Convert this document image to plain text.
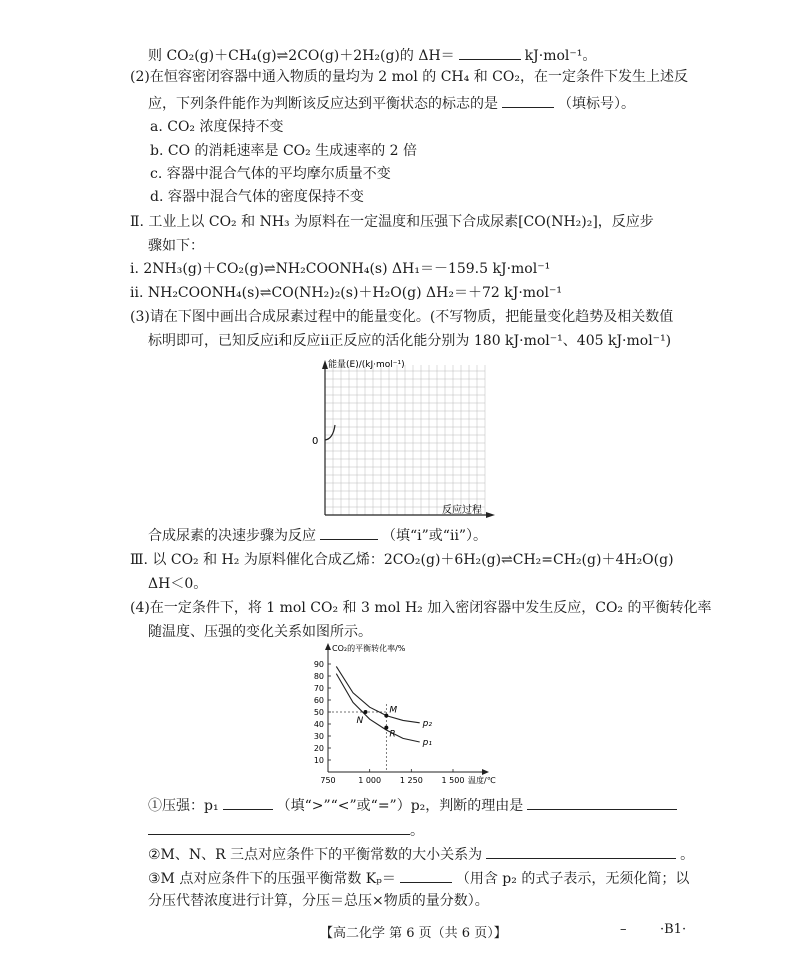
则 CO₂(g)＋CH₄(g)⇌2CO(g)＋2H₂(g)的 ΔH＝	kJ·mol⁻¹。
(2)在恒容密闭容器中通入物质的量均为 2 mol 的 CH₄ 和 CO₂，在一定条件下发生上述反
应，下列条件能作为判断该反应达到平衡状态的标志的是	（填标号）。
a. CO₂ 浓度保持不变
b. CO 的消耗速率是 CO₂ 生成速率的 2 倍
c. 容器中混合气体的平均摩尔质量不变
d. 容器中混合气体的密度保持不变
Ⅱ. 工业上以 CO₂ 和 NH₃ 为原料在一定温度和压强下合成尿素[CO(NH₂)₂]，反应步
骤如下：
ⅰ. 2NH₃(g)＋CO₂(g)⇌NH₂COONH₄(s) ΔH₁＝－159.5 kJ·mol⁻¹
ⅱ. NH₂COONH₄(s)⇌CO(NH₂)₂(s)＋H₂O(g) ΔH₂＝＋72 kJ·mol⁻¹
(3)请在下图中画出合成尿素过程中的能量变化。(不写物质，把能量变化趋势及相关数值
标明即可，已知反应ⅰ和反应ⅱ正反应的活化能分别为 180 kJ·mol⁻¹、405 kJ·mol⁻¹)
能量(E)/(kJ·mol⁻¹)
0
反应过程
合成尿素的决速步骤为反应	（填“ⅰ”或“ⅱ”）。
Ⅲ. 以 CO₂ 和 H₂ 为原料催化合成乙烯：2CO₂(g)＋6H₂(g)⇌CH₂=CH₂(g)＋4H₂O(g)
ΔH＜0。
(4)在一定条件下，将 1 mol CO₂ 和 3 mol H₂ 加入密闭容器中发生反应，CO₂ 的平衡转化率
随温度、压强的变化关系如图所示。
10
20
30
40
50
60
70
80
90
750	1 000 1 250 1 500
CO₂的平衡转化率/%
温度/℃
p₂
p₁
M
N
R
①压强：p₁	（填“>”“<”或“=”）p₂，判断的理由是
。
②M、N、R 三点对应条件下的平衡常数的大小关系为	。
③M 点对应条件下的压强平衡常数 Kₚ＝	（用含 p₂ 的式子表示，无须化简；以
分压代替浓度进行计算，分压＝总压×物质的量分数）。
【高二化学 第 6 页（共 6 页）】	–	·B1·
